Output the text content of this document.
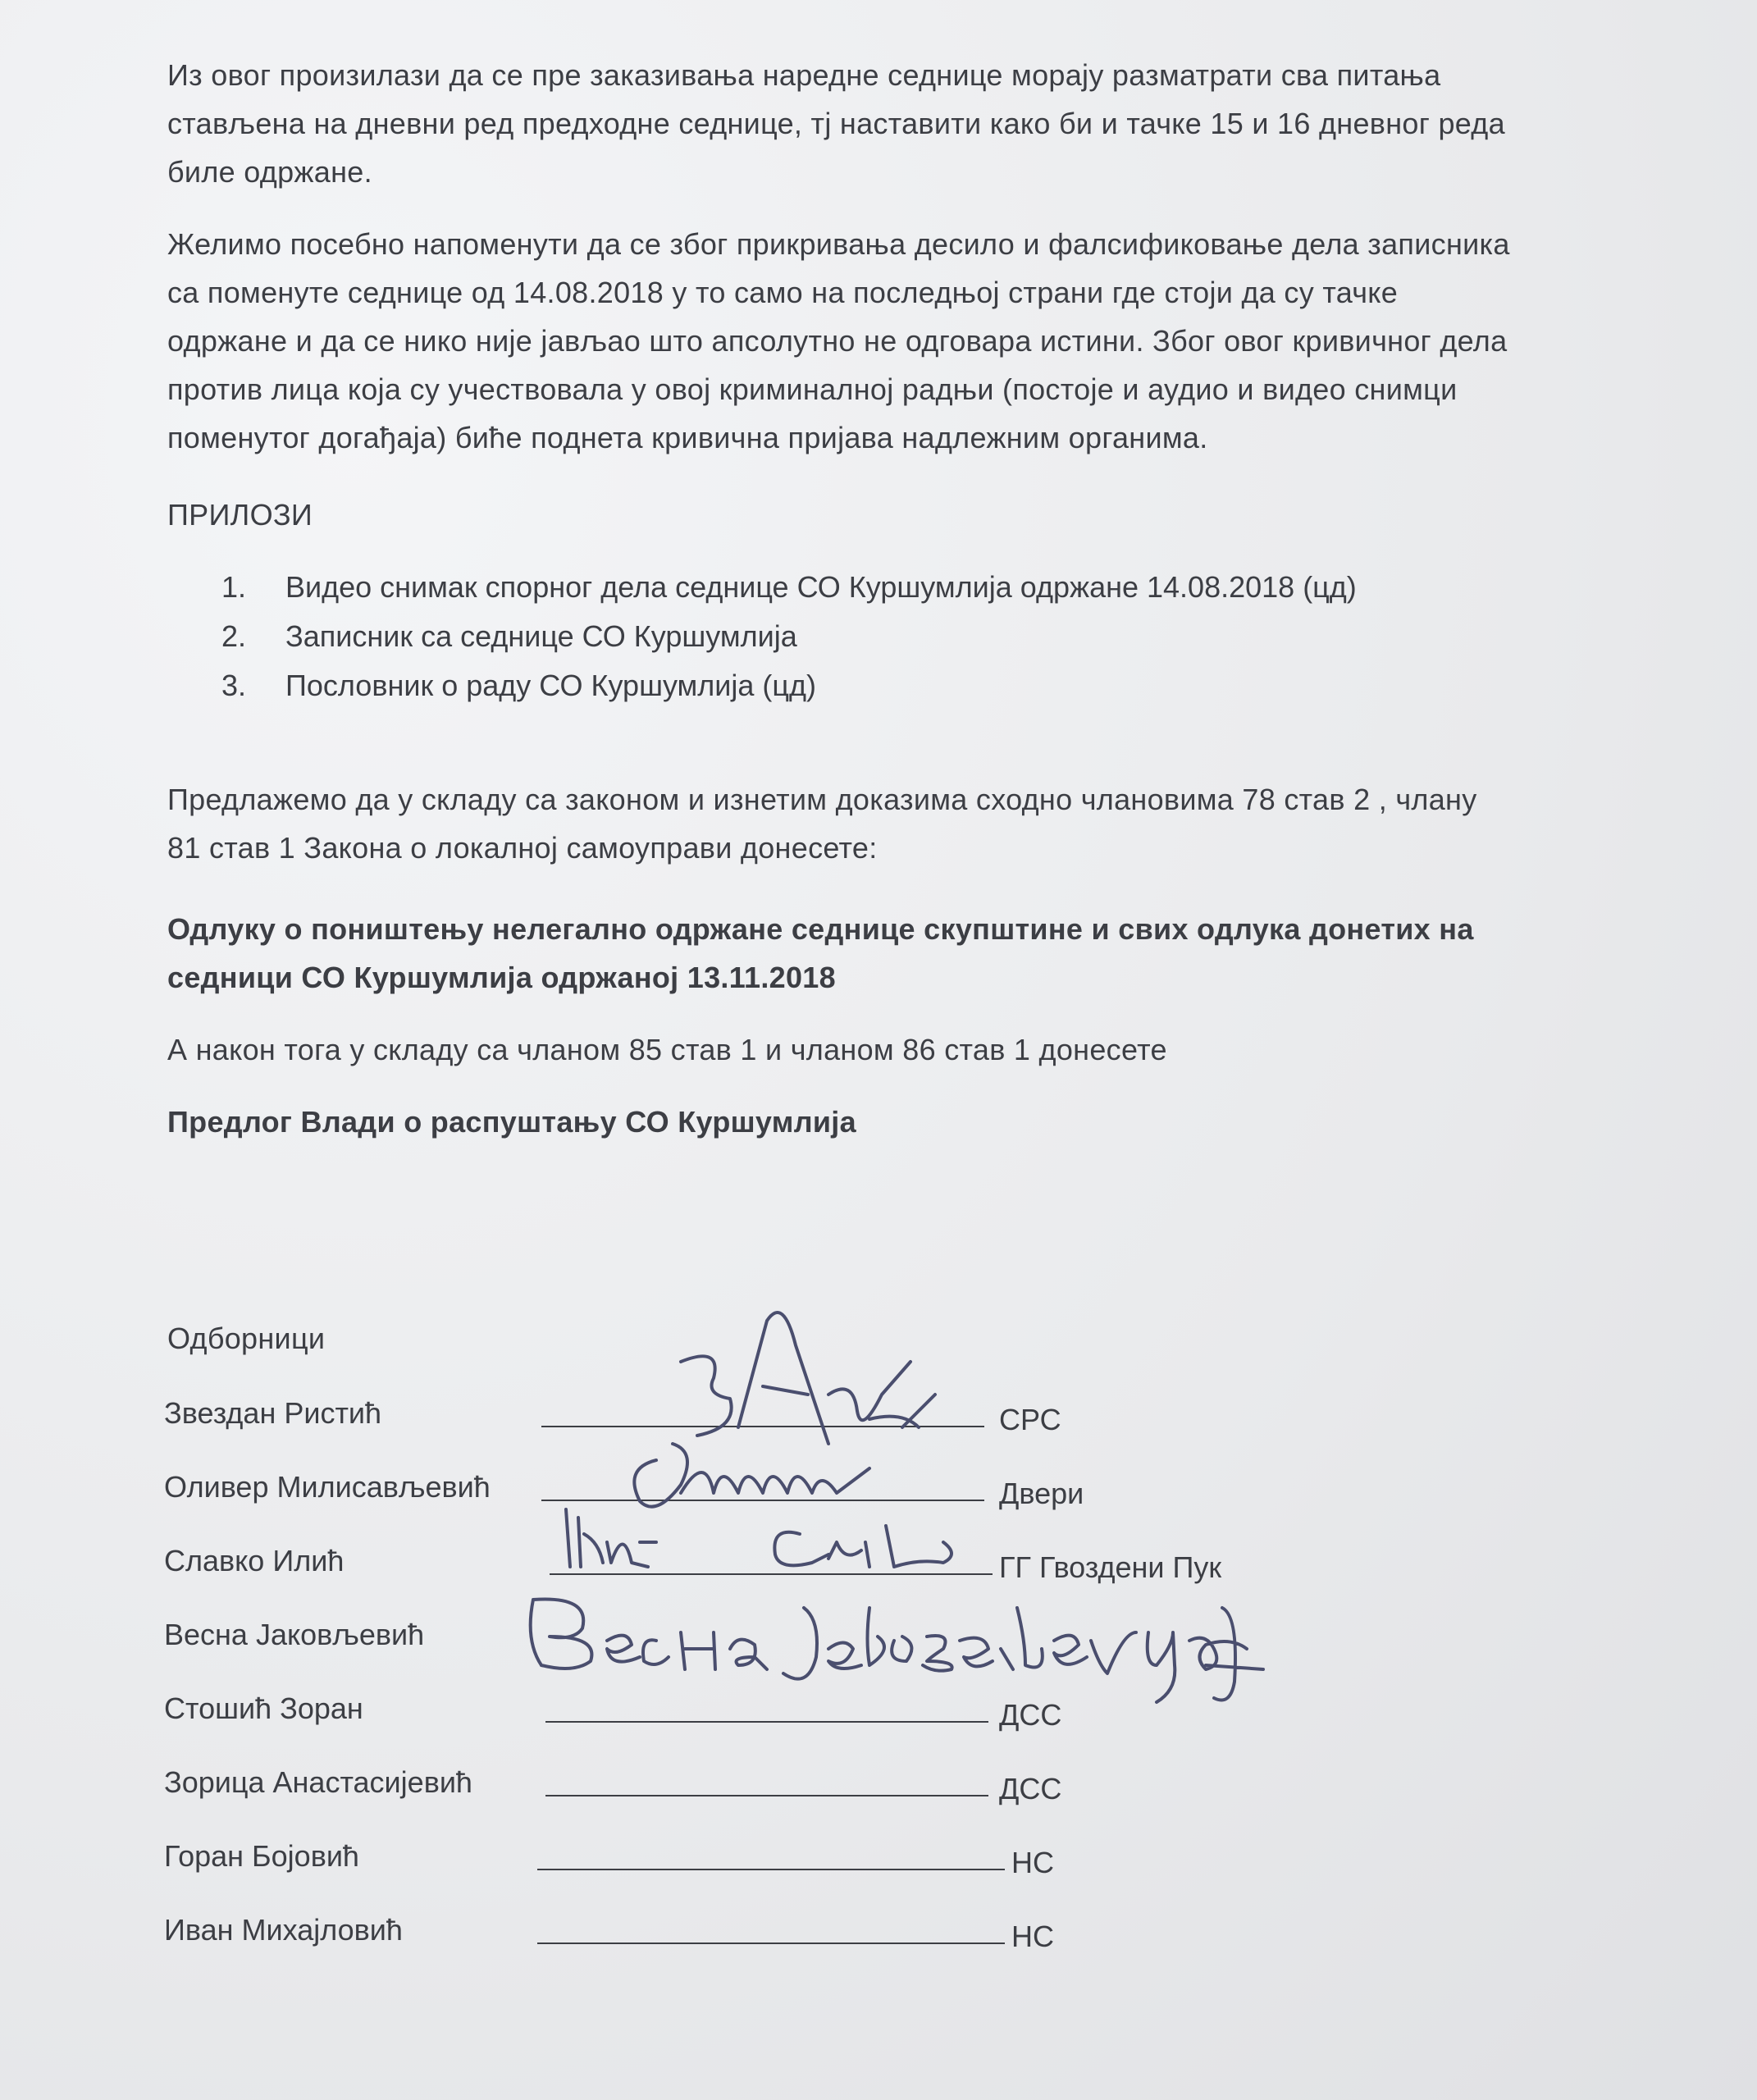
Из овог произилази да се пре заказивања наредне седнице морају разматрати сва питања
стављена на дневни ред предходне седнице, тј наставити како би и тачке 15 и 16 дневног реда
биле одржане.
Желимо посебно напоменути да се због прикривања десило и фалсификовање дела записника
са поменуте седнице од 14.08.2018 у то само на последњој страни где стоји да су тачке
одржане и да се нико није јављао што апсолутно не одговара истини. Због овог кривичног дела
против лица која су учествовала у овој криминалној радњи (постоје и аудио и видео снимци
поменутог догађаја) биће поднета кривична пријава надлежним органима.
ПРИЛОЗИ
1. Видео снимак спорног дела седнице СО Куршумлија одржане 14.08.2018 (цд)
2. Записник са седнице СО Куршумлија
3. Пословник о раду СО Куршумлија (цд)
Предлажемо да у складу са законом и изнетим доказима сходно члановима 78 став 2 , члану
81 став 1 Закона о локалној самоуправи донесете:
Одлуку о поништењу нелегално одржане седнице скупштине и свих одлука донетих на
седници СО Куршумлија одржаној 13.11.2018
А након тога у складу са чланом 85 став 1 и чланом 86 став 1 донесете
Предлог Влади о распуштању СО Куршумлија
Одборници
Звездан Ристић	СРС
Оливер Милисављевић	Двери
Славко Илић	ГГ Гвоздени Пук
Весна Јаковљевић
Стошић Зоран	ДСС
Зорица Анастасијевић	ДСС
Горан Бојовић	НС
Иван Михајловић	НС
